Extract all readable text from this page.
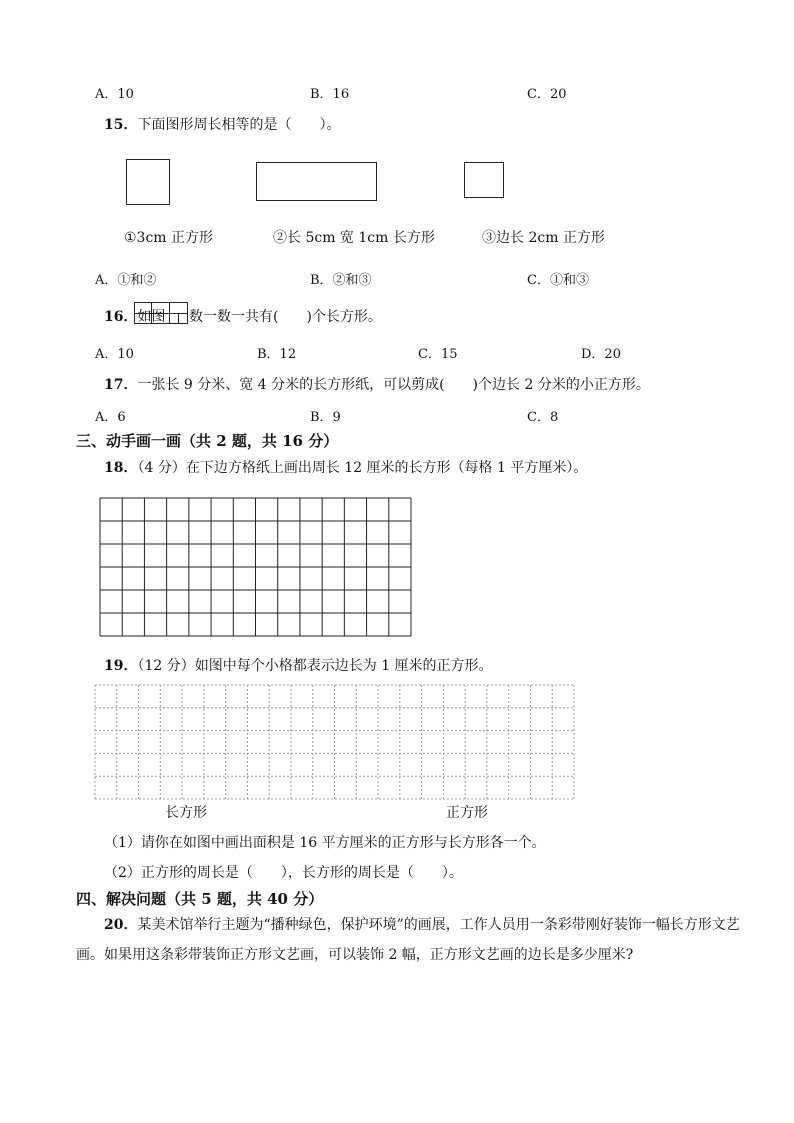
A．10	B．16	C．20
15．下面图形周长相等的是（　　）。
①3cm 正方形	②长 5cm 宽 1cm 长方形	③边长 2cm 正方形
A．①和②	B．②和③	C．①和③
16．如图 数一数一共有(　　)个长方形。
A．10	B．12	C．15	D．20
17．一张长 9 分米、宽 4 分米的长方形纸，可以剪成(　　)个边长 2 分米的小正方形。
A．6	B．9	C．8
三、动手画一画（共 2 题，共 16 分）
18．（4 分）在下边方格纸上画出周长 12 厘米的长方形（每格 1 平方厘米）。
19．（12 分）如图中每个小格都表示边长为 1 厘米的正方形。
长方形	正方形
（1）请你在如图中画出面积是 16 平方厘米的正方形与长方形各一个。
（2）正方形的周长是（　　），长方形的周长是（　　）。
四、解决问题（共 5 题，共 40 分）
20．某美术馆举行主题为“播种绿色，保护环境”的画展，工作人员用一条彩带刚好装饰一幅长方形文艺
画。如果用这条彩带装饰正方形文艺画，可以装饰 2 幅，正方形文艺画的边长是多少厘米?
